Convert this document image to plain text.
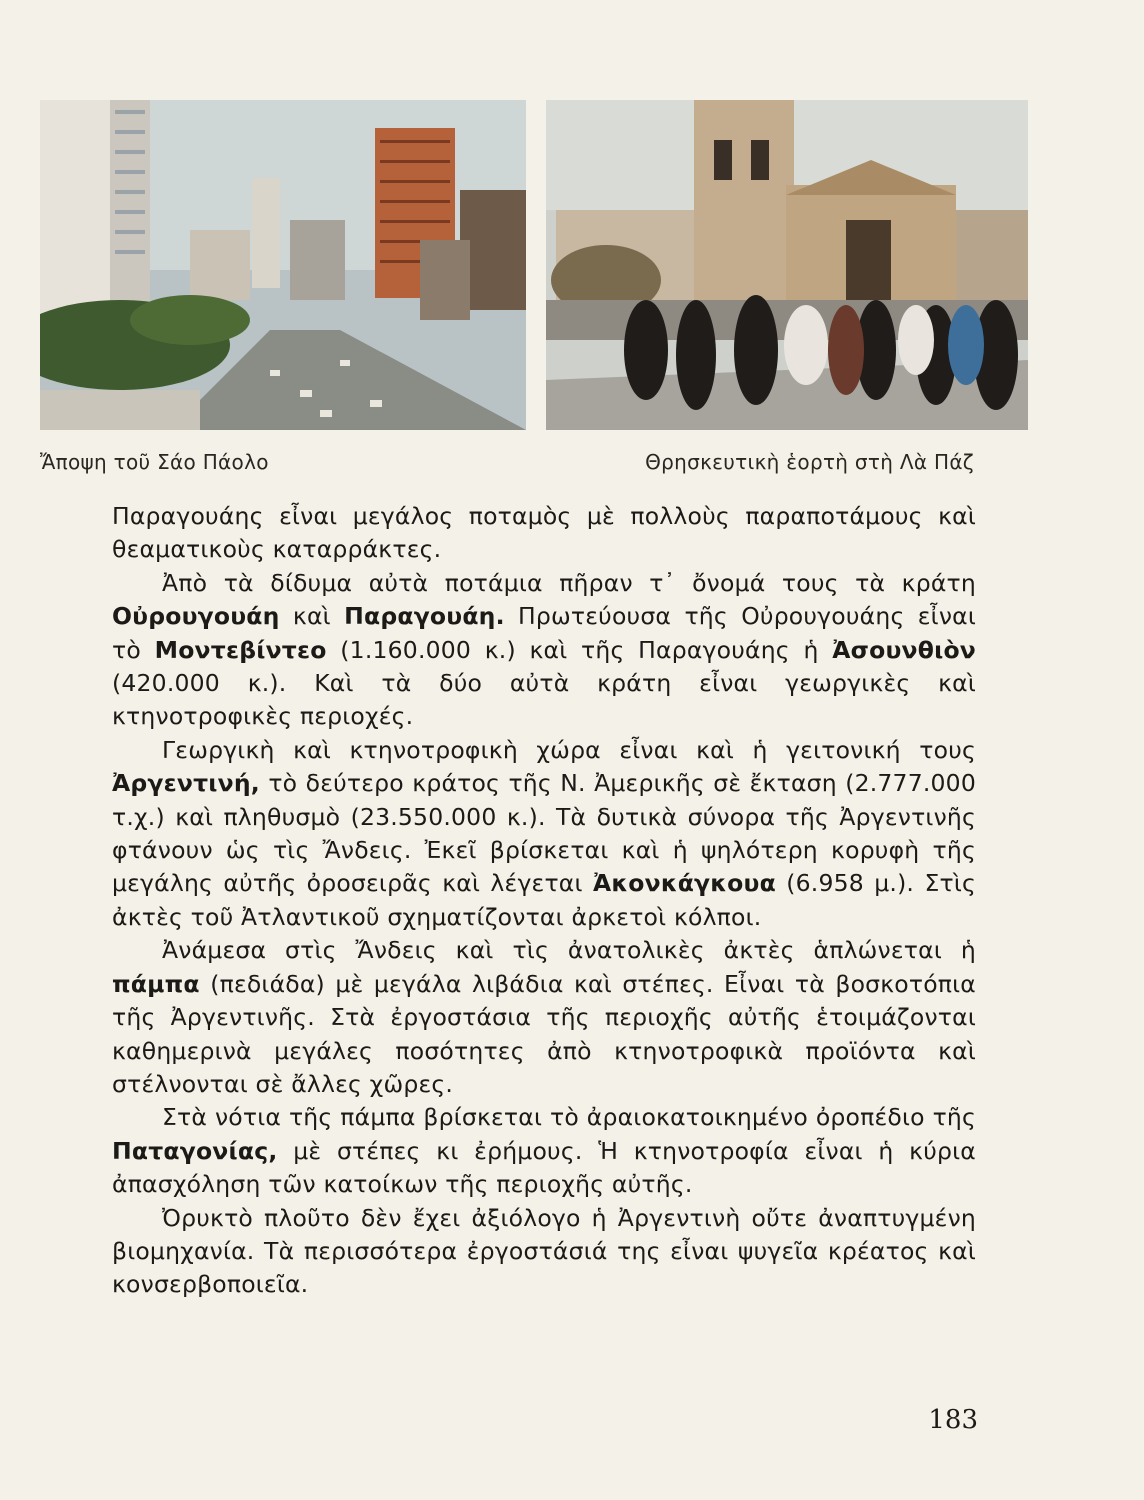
Ἄποψη τοῦ Σάο Πάολο	Θρησκευτικὴ ἑορτὴ στὴ Λὰ Πάζ

Παραγουάης εἶναι μεγάλος ποταμὸς μὲ πολλοὺς παραποτάμους καὶ θεαματικοὺς καταρράκτες.

Ἀπὸ τὰ δίδυμα αὐτὰ ποτάμια πῆραν τ᾽ ὄνομά τους τὰ κράτη Οὐρουγουάη καὶ Παραγουάη. Πρωτεύουσα τῆς Οὐρουγουάης εἶναι τὸ Μοντεβίντεο (1.160.000 κ.) καὶ τῆς Παραγουάης ἡ Ἀσουνθιὸν (420.000 κ.). Καὶ τὰ δύο αὐτὰ κράτη εἶναι γεωργικὲς καὶ κτηνοτροφικὲς περιοχές.

Γεωργικὴ καὶ κτηνοτροφικὴ χώρα εἶναι καὶ ἡ γειτονική τους Ἀργεντινή, τὸ δεύτερο κράτος τῆς Ν. Ἀμερικῆς σὲ ἔκταση (2.777.000 τ.χ.) καὶ πληθυσμὸ (23.550.000 κ.). Τὰ δυτικὰ σύνορα τῆς Ἀργεντινῆς φτάνουν ὡς τὶς Ἄνδεις. Ἐκεῖ βρίσκεται καὶ ἡ ψηλότερη κορυφὴ τῆς μεγάλης αὐτῆς ὀροσειρᾶς καὶ λέγεται Ἀκονκάγκουα (6.958 μ.). Στὶς ἀκτὲς τοῦ Ἀτλαντικοῦ σχηματίζονται ἀρκετοὶ κόλποι.

Ἀνάμεσα στὶς Ἄνδεις καὶ τὶς ἀνατολικὲς ἀκτὲς ἁπλώνεται ἡ πάμπα (πεδιάδα) μὲ μεγάλα λιβάδια καὶ στέπες. Εἶναι τὰ βοσκοτόπια τῆς Ἀργεντινῆς. Στὰ ἐργοστάσια τῆς περιοχῆς αὐτῆς ἑτοιμάζονται καθημερινὰ μεγάλες ποσότητες ἀπὸ κτηνοτροφικὰ προϊόντα καὶ στέλνονται σὲ ἄλλες χῶρες.

Στὰ νότια τῆς πάμπα βρίσκεται τὸ ἀραιοκατοικημένο ὀροπέδιο τῆς Παταγονίας, μὲ στέπες κι ἐρήμους. Ἡ κτηνοτροφία εἶναι ἡ κύρια ἀπασχόληση τῶν κατοίκων τῆς περιοχῆς αὐτῆς.

Ὀρυκτὸ πλοῦτο δὲν ἔχει ἀξιόλογο ἡ Ἀργεντινὴ οὔτε ἀναπτυγμένη βιομηχανία. Τὰ περισσότερα ἐργοστάσιά της εἶναι ψυγεῖα κρέατος καὶ κονσερβοποιεῖα.

183
